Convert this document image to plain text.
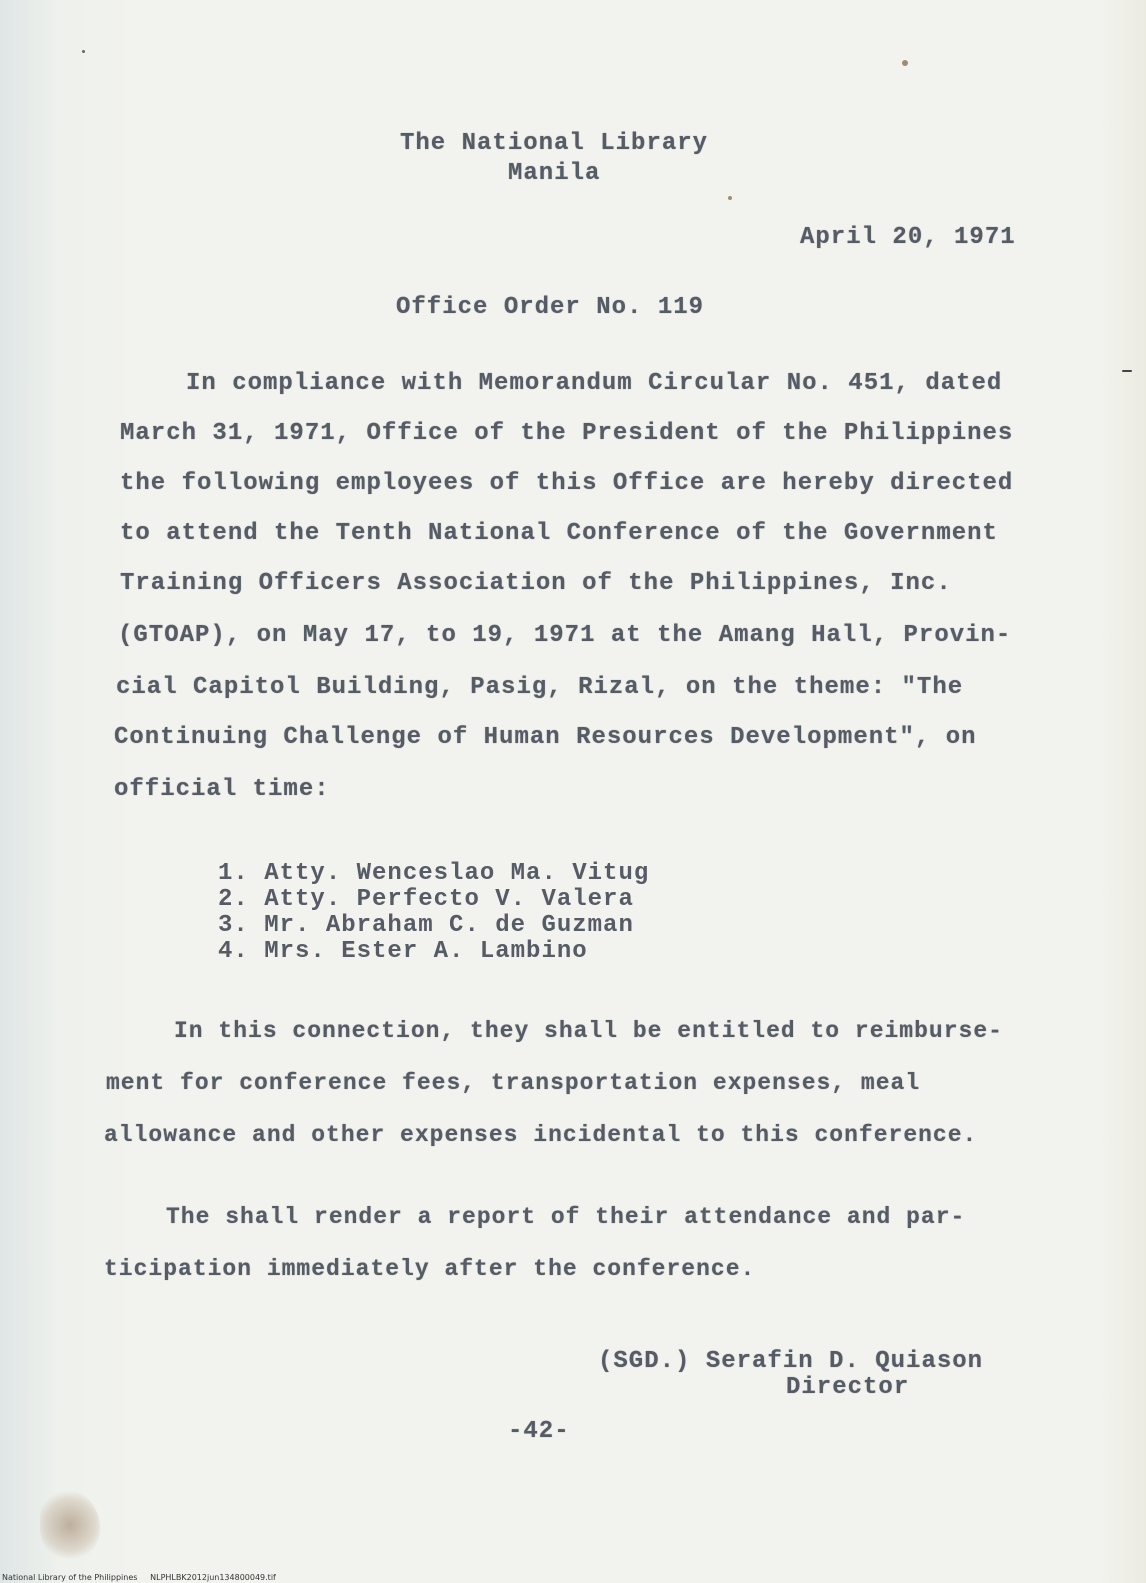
The National Library
Manila
April 20, 1971
Office Order No. 119
In compliance with Memorandum Circular No. 451, dated
March 31, 1971, Office of the President of the Philippines
the following employees of this Office are hereby directed
to attend the Tenth National Conference of the Government
Training Officers Association of the Philippines, Inc.
(GTOAP), on May 17, to 19, 1971 at the Amang Hall, Provin-
cial Capitol Building, Pasig, Rizal, on the theme: "The
Continuing Challenge of Human Resources Development", on
official time:
1. Atty. Wenceslao Ma. Vitug
2. Atty. Perfecto V. Valera
3. Mr. Abraham C. de Guzman
4. Mrs. Ester A. Lambino
In this connection, they shall be entitled to reimburse-
ment for conference fees, transportation expenses, meal
allowance and other expenses incidental to this conference.
The shall render a report of their attendance and par-
ticipation immediately after the conference.
(SGD.) Serafin D. Quiason
Director
-42-
National Library of the Philippines     NLPHLBK2012jun134800049.tif
